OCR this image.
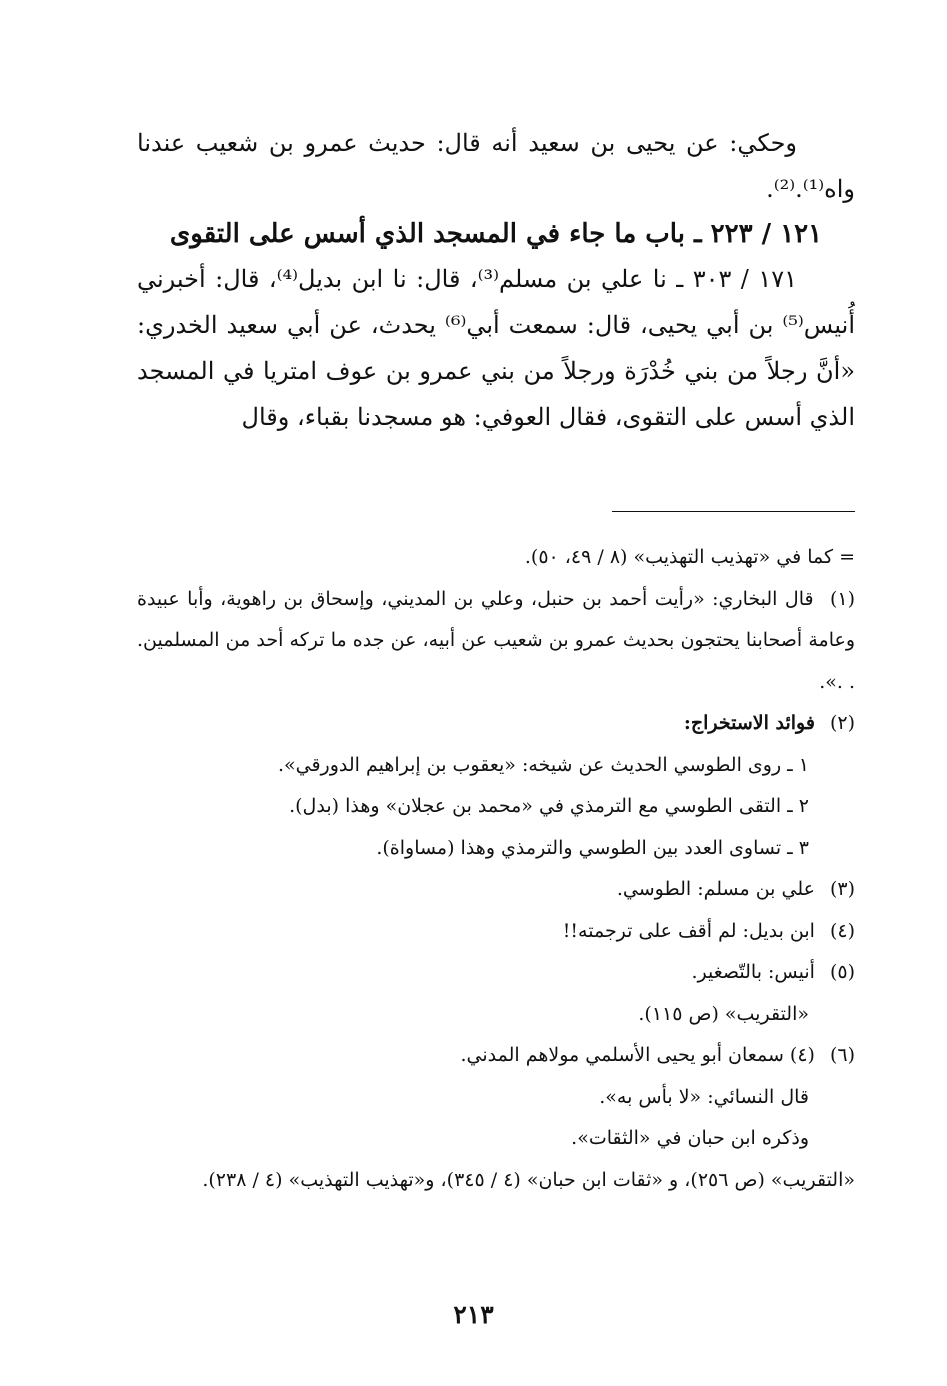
وحكي: عن يحيى بن سعيد أنه قال: حديث عمرو بن شعيب عندنا واه⁽¹⁾.⁽²⁾.

١٢١ / ٢٢٣ ـ باب ما جاء في المسجد الذي أسس على التقوى

١٧١ / ٣٠٣ ـ نا علي بن مسلم⁽³⁾، قال: نا ابن بديل⁽⁴⁾، قال: أخبرني أُنيس⁽⁵⁾ بن أبي يحيى، قال: سمعت أبي⁽⁶⁾ يحدث، عن أبي سعيد الخدري: «أنَّ رجلاً من بني خُدْرَة ورجلاً من بني عمرو بن عوف امتريا في المسجد الذي أسس على التقوى، فقال العوفي: هو مسجدنا بقباء، وقال

= كما في «تهذيب التهذيب» (٨ / ٤٩، ٥٠).

(١) قال البخاري: «رأيت أحمد بن حنبل، وعلي بن المديني، وإسحاق بن راهوية، وأبا عبيدة وعامة أصحابنا يحتجون بحديث عمرو بن شعيب عن أبيه، عن جده ما تركه أحد من المسلمين. . .».

(٢) فوائد الاستخراج:

١ ـ روى الطوسي الحديث عن شيخه: «يعقوب بن إبراهيم الدورقي».

٢ ـ التقى الطوسي مع الترمذي في «محمد بن عجلان» وهذا (بدل).

٣ ـ تساوى العدد بين الطوسي والترمذي وهذا (مساواة).

(٣) علي بن مسلم: الطوسي.

(٤) ابن بديل: لم أقف على ترجمته!!

(٥) أنيس: بالتّصغير.

«التقريب» (ص ١١٥).

(٦) (٤) سمعان أبو يحيى الأسلمي مولاهم المدني.

قال النسائي: «لا بأس به».

وذكره ابن حبان في «الثقات».

«التقريب» (ص ٢٥٦)، و «ثقات ابن حبان» (٤ / ٣٤٥)، و«تهذيب التهذيب» (٤ / ٢٣٨).

٢١٣
